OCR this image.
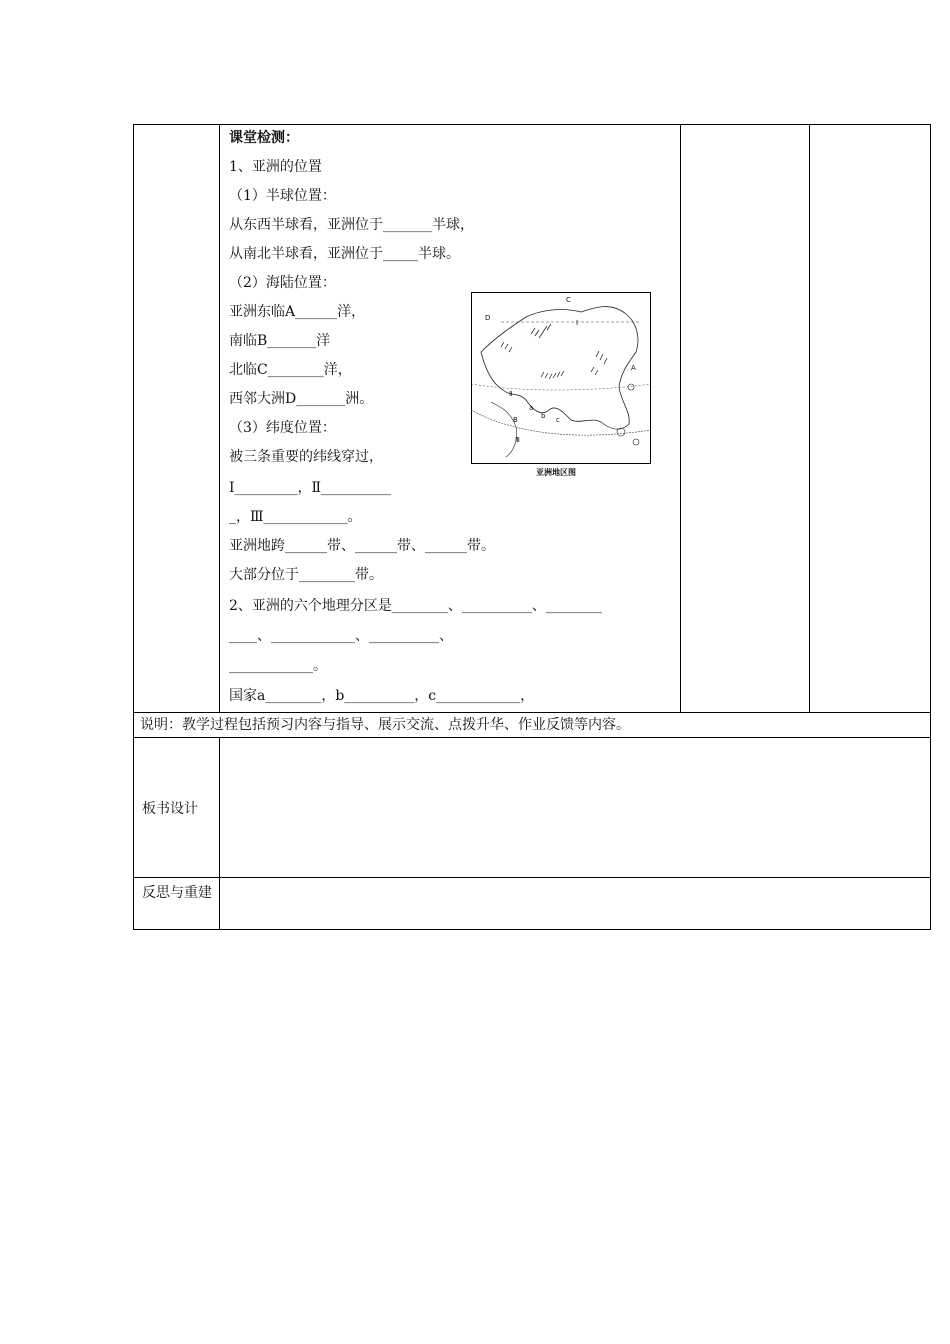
课堂检测：
1、亚洲的位置
（1）半球位置：
从东西半球看，亚洲位于_______半球，
从南北半球看，亚洲位于_____半球。
（2）海陆位置：
亚洲东临A______洋，
南临B_______洋
北临C________洋，
西邻大洲D_______洲。
（3）纬度位置：
被三条重要的纬线穿过，
Ⅰ_________，Ⅱ__________
_，Ⅲ____________。
亚洲地跨______带、______带、______带。
大部分位于________带。
2、亚洲的六个地理分区是________、__________、________
____、____________、__________、
____________。
国家a________，b__________，c____________，
A
B
C
D
Ⅰ
Ⅱ
Ⅲ
a
b c
亚洲地区图
说明：教学过程包括预习内容与指导、展示交流、点拨升华、作业反馈等内容。
板书设计
反思与重建
